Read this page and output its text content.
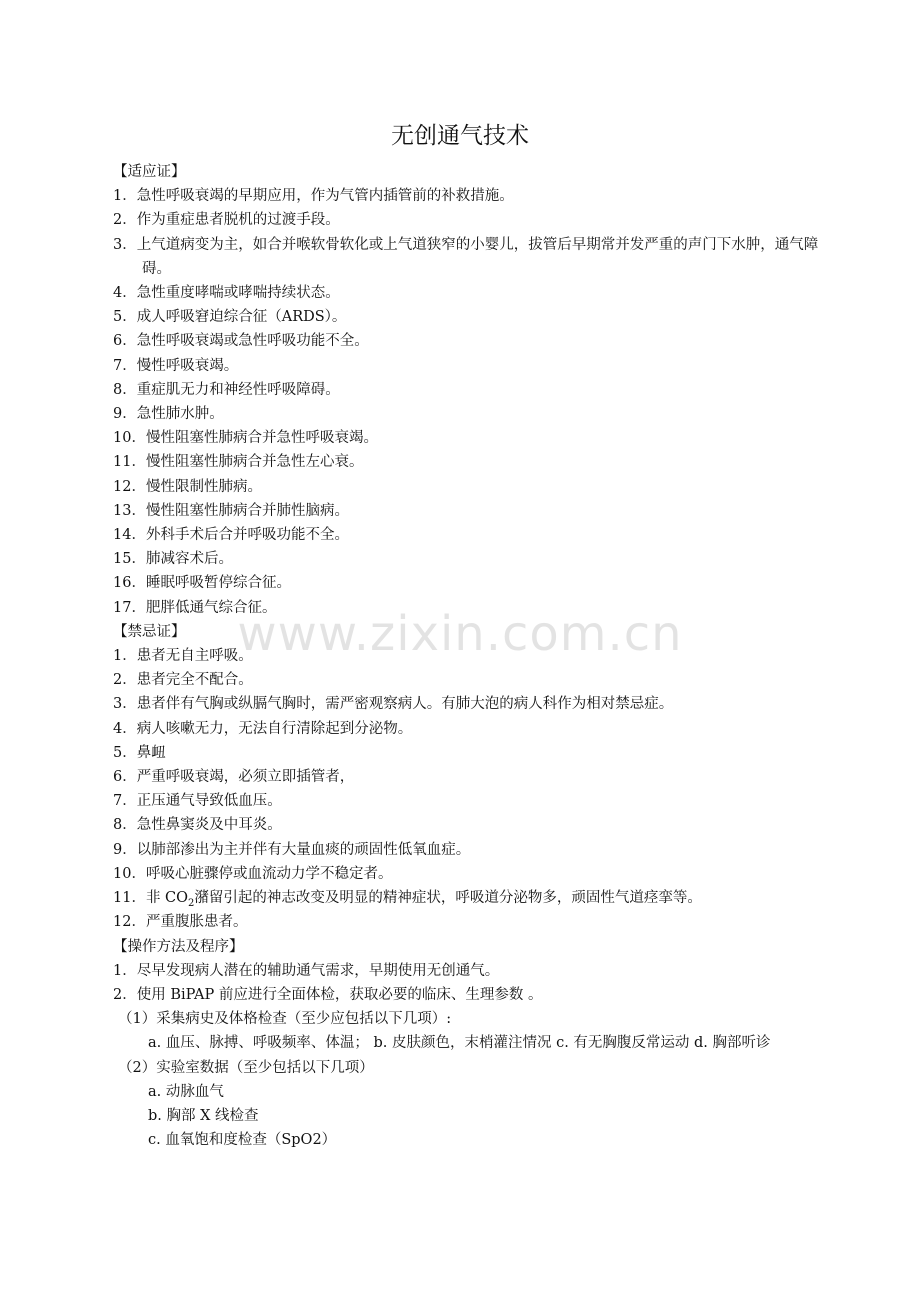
无创通气技术
www.zixin.com.cn
【适应证】
1．急性呼吸衰竭的早期应用，作为气管内插管前的补救措施。
2．作为重症患者脱机的过渡手段。
3．上气道病变为主，如合并喉软骨软化或上气道狭窄的小婴儿，拔管后早期常并发严重的声门下水肿，通气障碍。
4．急性重度哮喘或哮喘持续状态。
5．成人呼吸窘迫综合征（ARDS）。
6．急性呼吸衰竭或急性呼吸功能不全。
7．慢性呼吸衰竭。
8．重症肌无力和神经性呼吸障碍。
9．急性肺水肿。
10．慢性阻塞性肺病合并急性呼吸衰竭。
11．慢性阻塞性肺病合并急性左心衰。
12．慢性限制性肺病。
13．慢性阻塞性肺病合并肺性脑病。
14．外科手术后合并呼吸功能不全。
15．肺减容术后。
16．睡眠呼吸暂停综合征。
17．肥胖低通气综合征。
【禁忌证】
1．患者无自主呼吸。
2．患者完全不配合。
3．患者伴有气胸或纵膈气胸时，需严密观察病人。有肺大泡的病人科作为相对禁忌症。
4．病人咳嗽无力，无法自行清除起到分泌物。
5．鼻衄
6．严重呼吸衰竭，必须立即插管者，
7．正压通气导致低血压。
8．急性鼻窦炎及中耳炎。
9．以肺部渗出为主并伴有大量血痰的顽固性低氧血症。
10．呼吸心脏骤停或血流动力学不稳定者。
11．非 $CO_2$潴留引起的神志改变及明显的精神症状，呼吸道分泌物多，顽固性气道痉挛等。
12．严重腹胀患者。
【操作方法及程序】
1．尽早发现病人潜在的辅助通气需求，早期使用无创通气。
2．使用 BiPAP 前应进行全面体检，获取必要的临床、生理参数 。
（1）采集病史及体格检查（至少应包括以下几项）:
a. 血压、脉搏、呼吸频率、体温； b. 皮肤颜色，末梢灌注情况 c. 有无胸腹反常运动 d. 胸部听诊
（2）实验室数据（至少包括以下几项）
a. 动脉血气
b. 胸部 X 线检查
c. 血氧饱和度检查（SpO2）
